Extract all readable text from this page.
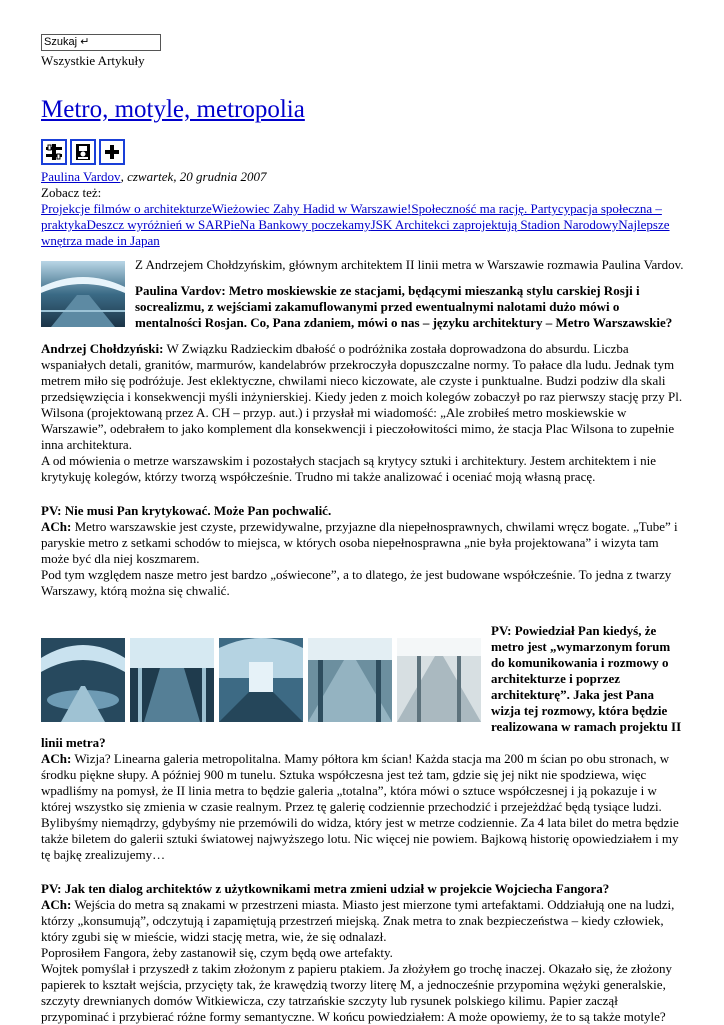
Szukaj ↵
Wszystkie Artykuły
Metro, motyle, metropolia
Paulina Vardov, czwartek, 20 grudnia 2007
Zobacz też:
Projekcje filmów o architekturzeWieżowiec Zahy Hadid w Warszawie!Społeczność ma rację. Partycypacja społeczna – praktykaDeszcz wyróżnień w SARPieNa Bankowy poczekamyJSK Architekci zaprojektują Stadion NarodowyNajlepsze wnętrza made in Japan

Z Andrzejem Chołdzyńskim, głównym architektem II linii metra w Warszawie rozmawia Paulina Vardov.

Paulina Vardov: Metro moskiewskie ze stacjami, będącymi mieszanką stylu carskiej Rosji i socrealizmu, z wejściami zakamuflowanymi przed ewentualnymi nalotami dużo mówi o mentalności Rosjan. Co, Pana zdaniem, mówi o nas – języku architektury – Metro Warszawskie?

Andrzej Chołdzyński: W Związku Radzieckim dbałość o podróżnika została doprowadzona do absurdu. Liczba wspaniałych detali, granitów, marmurów, kandelabrów przekroczyła dopuszczalne normy. To pałace dla ludu. Jednak tym metrem miło się podróżuje. Jest eklektyczne, chwilami nieco kiczowate, ale czyste i punktualne. Budzi podziw dla skali przedsięwzięcia i konsekwencji myśli inżynierskiej. Kiedy jeden z moich kolegów zobaczył po raz pierwszy stację przy Pl. Wilsona (projektowaną przez A. CH – przyp. aut.) i przysłał mi wiadomość: „Ale zrobiłeś metro moskiewskie w Warszawie”, odebrałem to jako komplement dla konsekwencji i pieczołowitości mimo, że stacja Plac Wilsona to zupełnie inna architektura.

A od mówienia o metrze warszawskim i pozostałych stacjach są krytycy sztuki i architektury. Jestem architektem i nie krytykuję kolegów, którzy tworzą współcześnie. Trudno mi także analizować i oceniać moją własną pracę.

PV: Nie musi Pan krytykować. Może Pan pochwalić.

ACh: Metro warszawskie jest czyste, przewidywalne, przyjazne dla niepełnosprawnych, chwilami wręcz bogate. „Tube” i paryskie metro z setkami schodów to miejsca, w których osoba niepełnosprawna „nie była projektowana” i wizyta tam może być dla niej koszmarem.

Pod tym względem nasze metro jest bardzo „oświecone”, a to dlatego, że jest budowane współcześnie. To jedna z twarzy Warszawy, którą można się chwalić.

PV: Powiedział Pan kiedyś, że metro jest „wymarzonym forum do komunikowania i rozmowy o architekturze i poprzez architekturę”. Jaka jest Pana wizja tej rozmowy, która będzie realizowana w ramach projektu II linii metra?

ACh: Wizja? Linearna galeria metropolitalna. Mamy półtora km ścian! Każda stacja ma 200 m ścian po obu stronach, w środku piękne słupy. A później 900 m tunelu. Sztuka współczesna jest też tam, gdzie się jej nikt nie spodziewa, więc wpadliśmy na pomysł, że II linia metra to będzie galeria „totalna”, która mówi o sztuce współczesnej i ją pokazuje i w której wszystko się zmienia w czasie realnym. Przez tę galerię codziennie przechodzić i przejeżdżać będą tysiące ludzi. Bylibyśmy niemądrzy, gdybyśmy nie przemówili do widza, który jest w metrze codziennie. Za 4 lata bilet do metra będzie także biletem do galerii sztuki światowej najwyższego lotu. Nic więcej nie powiem. Bajkową historię opowiedziałem i my tę bajkę zrealizujemy…

PV: Jak ten dialog architektów z użytkownikami metra zmieni udział w projekcie Wojciecha Fangora?

ACh: Wejścia do metra są znakami w przestrzeni miasta. Miasto jest mierzone tymi artefaktami. Oddziałują one na ludzi, którzy „konsumują”, odczytują i zapamiętują przestrzeń miejską. Znak metra to znak bezpieczeństwa – kiedy człowiek, który zgubi się w mieście, widzi stację metra, wie, że się odnalazł.

Poprosiłem Fangora, żeby zastanowił się, czym będą owe artefakty.

Wojtek pomyślał i przyszedł z takim złożonym z papieru ptakiem. Ja złożyłem go trochę inaczej. Okazało się, że złożony papierek to kształt wejścia, przycięty tak, że krawędzią tworzy literę M, a jednocześnie przypomina wężyki generalskie, szczyty drewnianych domów Witkiewicza, czy tatrzańskie szczyty lub rysunek polskiego kilimu. Papier zaczął przypominać i przybierać różne formy semantyczne. W końcu powiedziałem: A może opowiemy, że to są także motyle?
